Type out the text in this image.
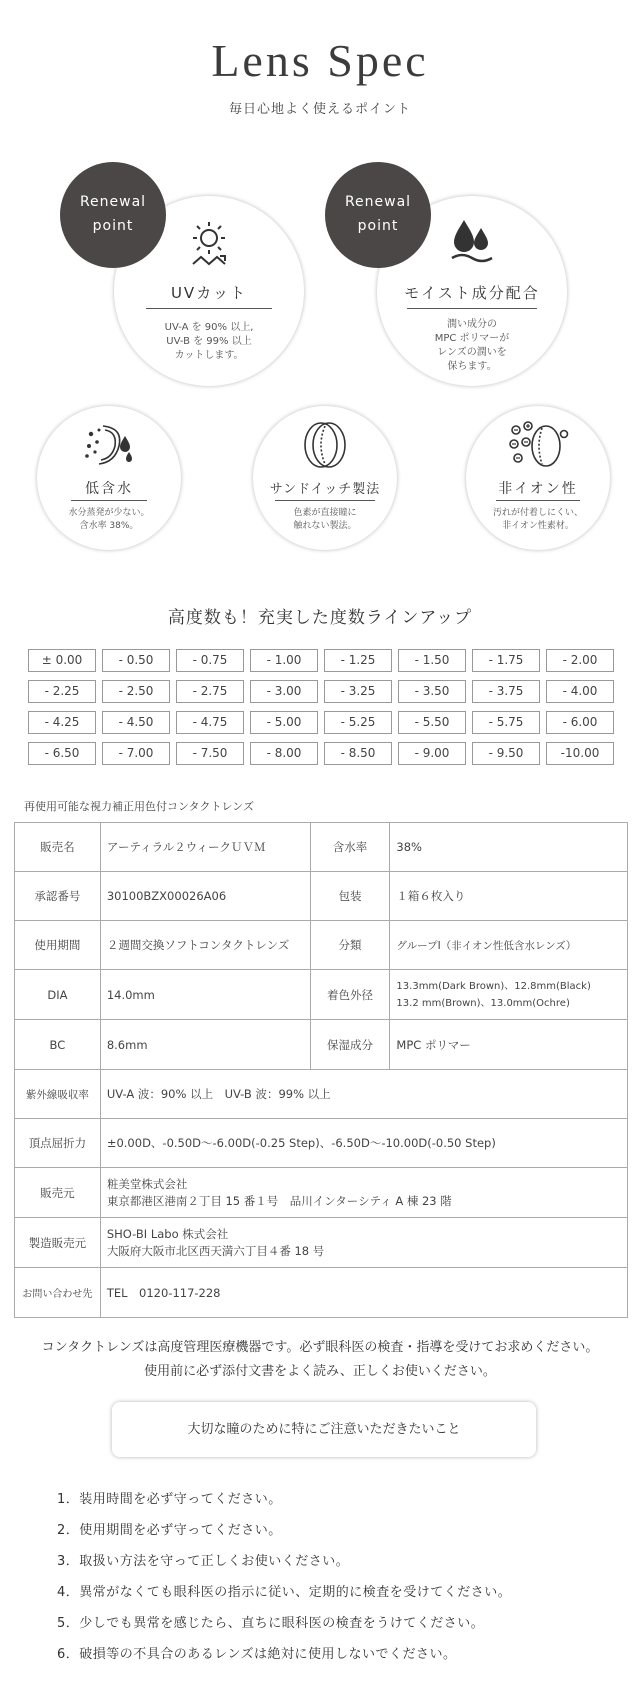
Lens Spec
毎日心地よく使えるポイント
UVカット
UV-A を 90% 以上,
UV-B を 99% 以上
カットします。
Renewal
point
モイスト成分配合
潤い成分の
MPC ポリマーが
レンズの潤いを
保ちます。
Renewal
point
低含水
水分蒸発が少ない。
含水率 38%。
サンドイッチ製法
色素が直接瞳に
触れない製法。
非イオン性
汚れが付着しにくい、
非イオン性素材。
高度数も！充実した度数ラインアップ
± 0.00	- 0.50	- 0.75	- 1.00	- 1.25	- 1.50	- 1.75	- 2.00
- 2.25	- 2.50	- 2.75	- 3.00	- 3.25	- 3.50	- 3.75	- 4.00
- 4.25	- 4.50	- 4.75	- 5.00	- 5.25	- 5.50	- 5.75	- 6.00
- 6.50	- 7.00	- 7.50	- 8.00	- 8.50	- 9.00	- 9.50	-10.00
再使用可能な視力補正用色付コンタクトレンズ
販売名	アーティラル２ウィークＵＶＭ	含水率	38%
承認番号	30100BZX00026A06	包装	１箱６枚入り
使用期間	２週間交換ソフトコンタクトレンズ	分類	グループⅠ（非イオン性低含水レンズ）
DIA	14.0mm	着色外径	13.3mm(Dark Brown)、12.8mm(Black)
13.2 mm(Brown)、13.0mm(Ochre)

BC	8.6mm	保湿成分	MPC ポリマー
紫外線吸収率	UV-A 波：90% 以上　UV-B 波：99% 以上		
頂点屈折力	±0.00D、-0.50D～-6.00D(-0.25 Step)、-6.50D～-10.00D(-0.50 Step)		
販売元	粧美堂株式会社
東京都港区港南２丁目 15 番１号　品川インターシティ A 棟 23 階		

製造販売元	SHO-BI Labo 株式会社
大阪府大阪市北区西天満六丁目４番 18 号		

お問い合わせ先	TEL　0120-117-228		
コンタクトレンズは高度管理医療機器です。必ず眼科医の検査・指導を受けてお求めください。
使用前に必ず添付文書をよく読み、正しくお使いください。
大切な瞳のために特にご注意いただきたいこと
1．装用時間を必ず守ってください。
2．使用期間を必ず守ってください。
3．取扱い方法を守って正しくお使いください。
4．異常がなくても眼科医の指示に従い、定期的に検査を受けてください。
5．少しでも異常を感じたら、直ちに眼科医の検査をうけてください。
6．破損等の不具合のあるレンズは絶対に使用しないでください。
